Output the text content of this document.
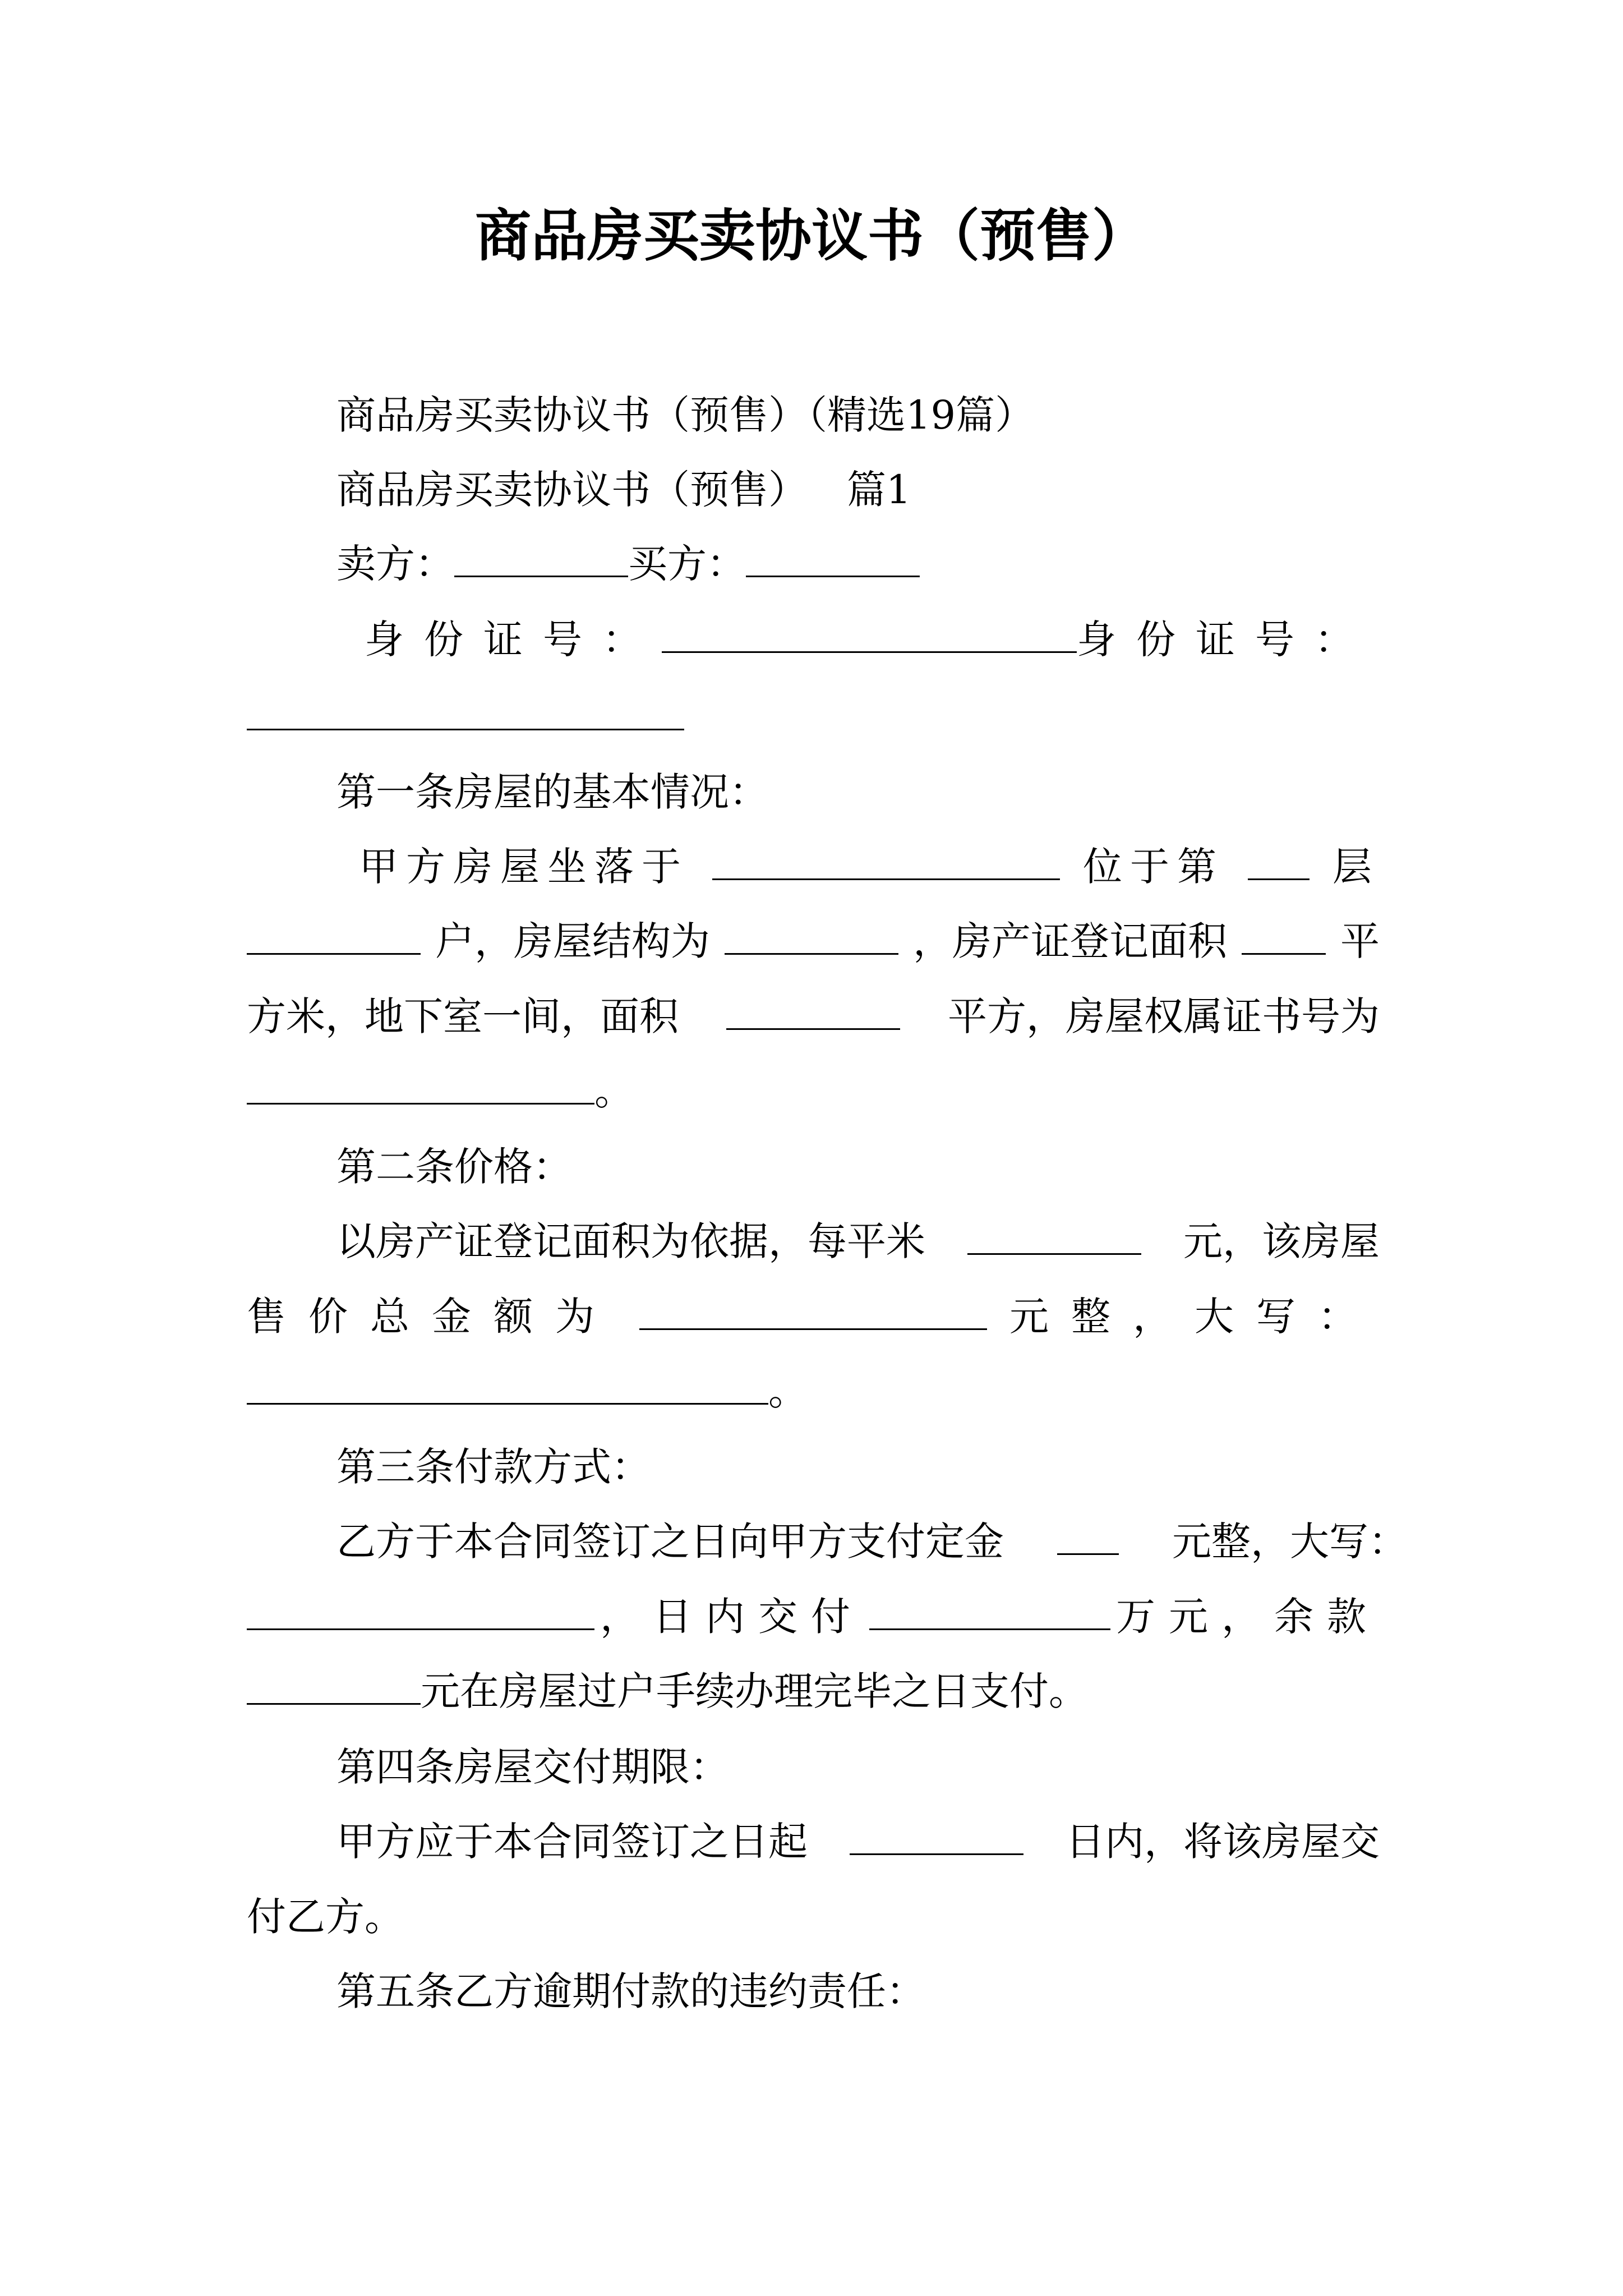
商品房买卖协议书（预售）
商品房买卖协议书（预售）（精选19篇）
商品房买卖协议书（预售） 篇1
卖方：	买方：
身份证号：	身份证号：
第一条房屋的基本情况：
甲方房屋坐落于	位于第	层
户，房屋结构为	，房产证登记面积	平
方米，地下室一间，面积	平方，房屋权属证书号为
。
第二条价格：
以房产证登记面积为依据，每平米	元，该房屋
售价总金额为	元整，大写：
。
第三条付款方式：
乙方于本合同签订之日向甲方支付定金	元整，大写：
，日内交付	万元，余款
元在房屋过户手续办理完毕之日支付。
第四条房屋交付期限：
甲方应于本合同签订之日起	日内，将该房屋交
付乙方。
第五条乙方逾期付款的违约责任：
